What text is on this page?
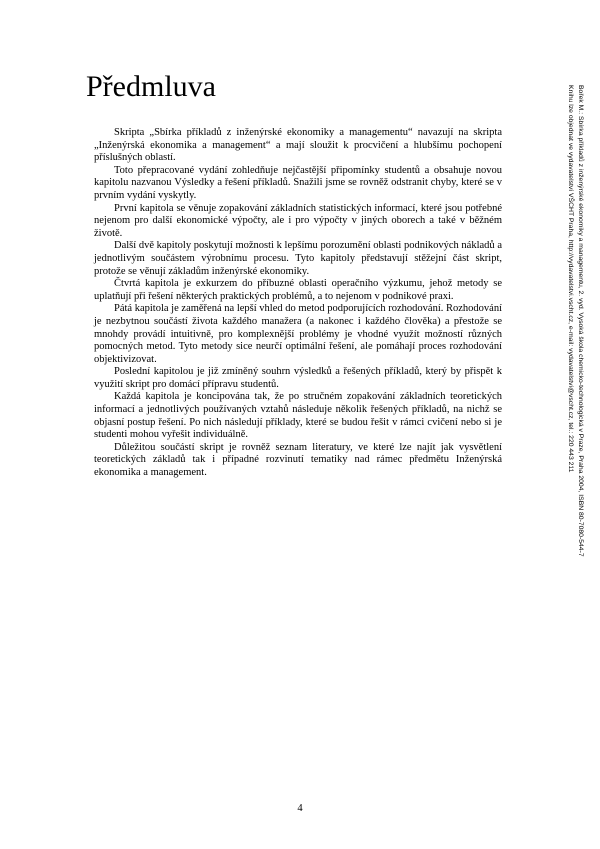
Předmluva

Skripta „Sbírka příkladů z inženýrské ekonomiky a managementu“ navazují na skripta „Inženýrská ekonomika a management“ a mají sloužit k procvičení a hlubšímu pochopení příslušných oblastí.

Toto přepracované vydání zohledňuje nejčastější připomínky studentů a obsahuje novou kapitolu nazvanou Výsledky a řešení příkladů. Snažili jsme se rovněž odstranit chyby, které se v prvním vydání vyskytly.

První kapitola se věnuje zopakování základních statistických informací, které jsou potřebné nejenom pro další ekonomické výpočty, ale i pro výpočty v jiných oborech a také v běžném životě.

Další dvě kapitoly poskytují možnosti k lepšímu porozumění oblasti podnikových nákladů a jednotlivým součástem výrobnímu procesu. Tyto kapitoly představují stěžejní část skript, protože se věnují základům inženýrské ekonomiky.

Čtvrtá kapitola je exkurzem do příbuzné oblasti operačního výzkumu, jehož metody se uplatňují při řešení některých praktických problémů, a to nejenom v podnikové praxi.

Pátá kapitola je zaměřená na lepší vhled do metod podporujících rozhodování. Rozhodování je nezbytnou součástí života každého manažera (a nakonec i každého člověka) a přestože se mnohdy provádí intuitivně, pro komplexnější problémy je vhodné využít možností různých pomocných metod. Tyto metody sice neurčí optimální řešení, ale pomáhají proces rozhodování objektivizovat.

Poslední kapitolou je již zmíněný souhrn výsledků a řešených příkladů, který by přispět k využití skript pro domácí přípravu studentů.

Každá kapitola je koncipována tak, že po stručném zopakování základních teoretických informací a jednotlivých používaných vztahů následuje několik řešených příkladů, na nichž se objasní postup řešení. Po nich následují příklady, které se budou řešit v rámci cvičení nebo si je studenti mohou vyřešit individuálně.

Důležitou součástí skript je rovněž seznam literatury, ve které lze najít jak vysvětlení teoretických základů tak i případné rozvinutí tematiky nad rámec předmětu Inženýrská ekonomika a management.	Bořek M.: Sbírka příkladů z inženýrské ekonomiky a managementu, 2. vyd. Vysoká škola chemicko-technologická v Praze, Praha 2004, ISBN 80-7080-544-7
Knihu lze objednat ve vydavatelství VŠCHT Praha, http://vydavatelstvi.vscht.cz, e-mail: vydavatelstvi@vscht.cz, tel.: 220 443 211
4
